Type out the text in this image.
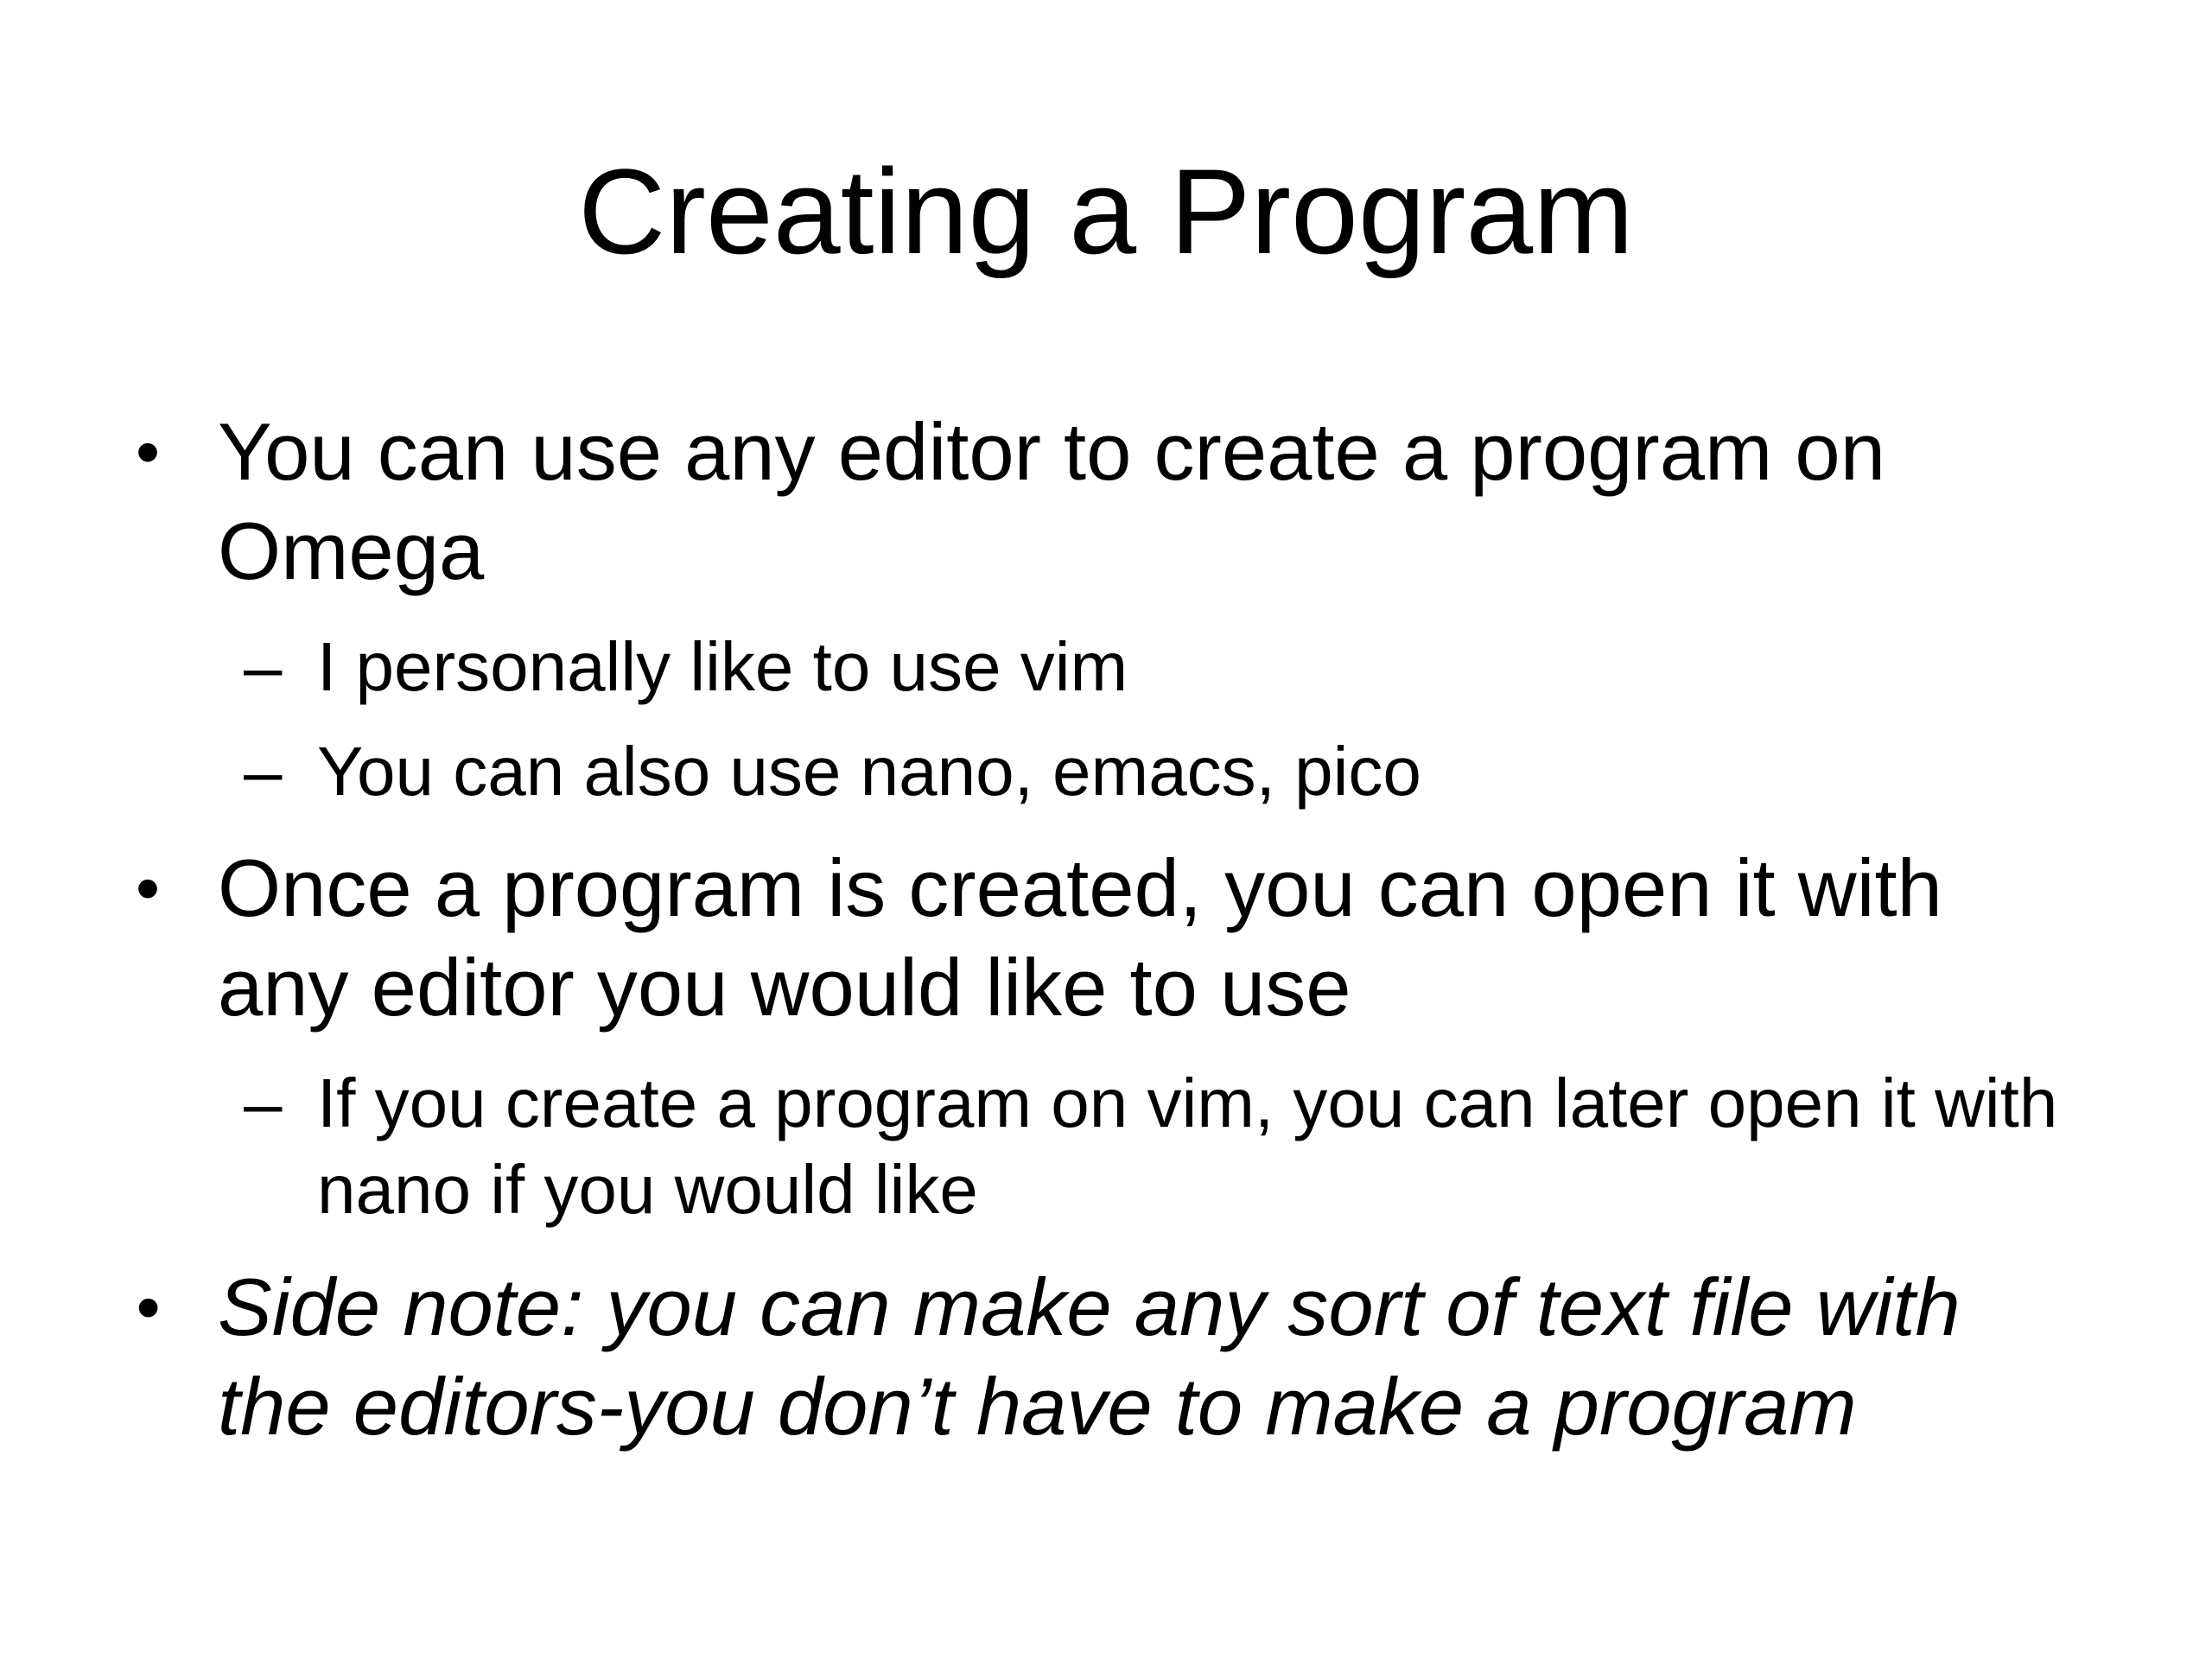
Creating a Program
• You can use any editor to create a program on Omega
– I personally like to use vim
– You can also use nano, emacs, pico
• Once a program is created, you can open it with any editor you would like to use
– If you create a program on vim, you can later open it with nano if you would like
• Side note: you can make any sort of text file with the editors-you don’t have to make a program
